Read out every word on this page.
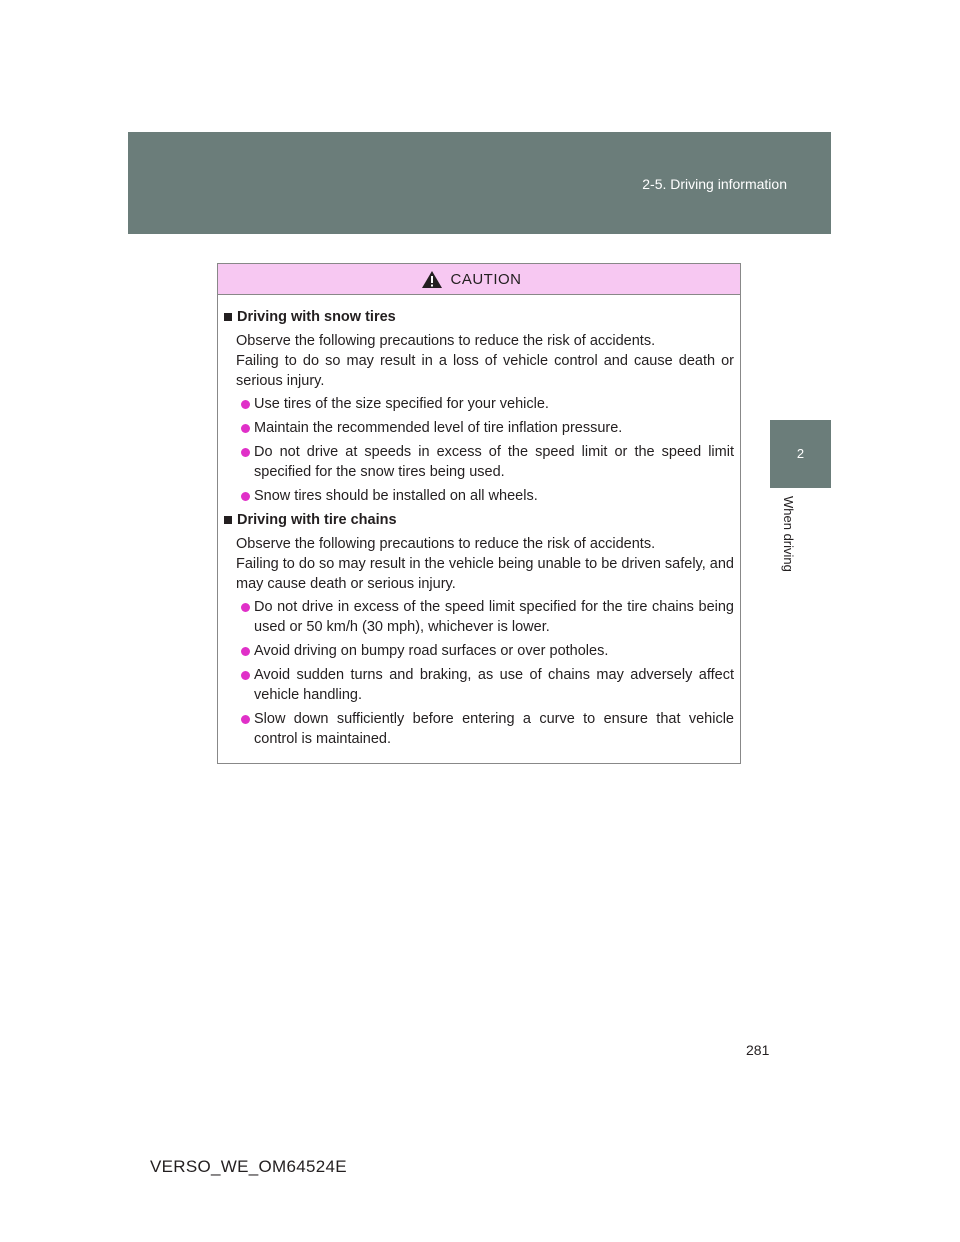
2-5. Driving information
2
When driving
CAUTION
Driving with snow tires
Observe the following precautions to reduce the risk of accidents.
Failing to do so may result in a loss of vehicle control and cause death or serious injury.
Use tires of the size specified for your vehicle.
Maintain the recommended level of tire inflation pressure.
Do not drive at speeds in excess of the speed limit or the speed limit specified for the snow tires being used.
Snow tires should be installed on all wheels.
Driving with tire chains
Observe the following precautions to reduce the risk of accidents.
Failing to do so may result in the vehicle being unable to be driven safely, and may cause death or serious injury.
Do not drive in excess of the speed limit specified for the tire chains being used or 50 km/h (30 mph), whichever is lower.
Avoid driving on bumpy road surfaces or over potholes.
Avoid sudden turns and braking, as use of chains may adversely affect vehicle handling.
Slow down sufficiently before entering a curve to ensure that vehicle control is maintained.
281
VERSO_WE_OM64524E
